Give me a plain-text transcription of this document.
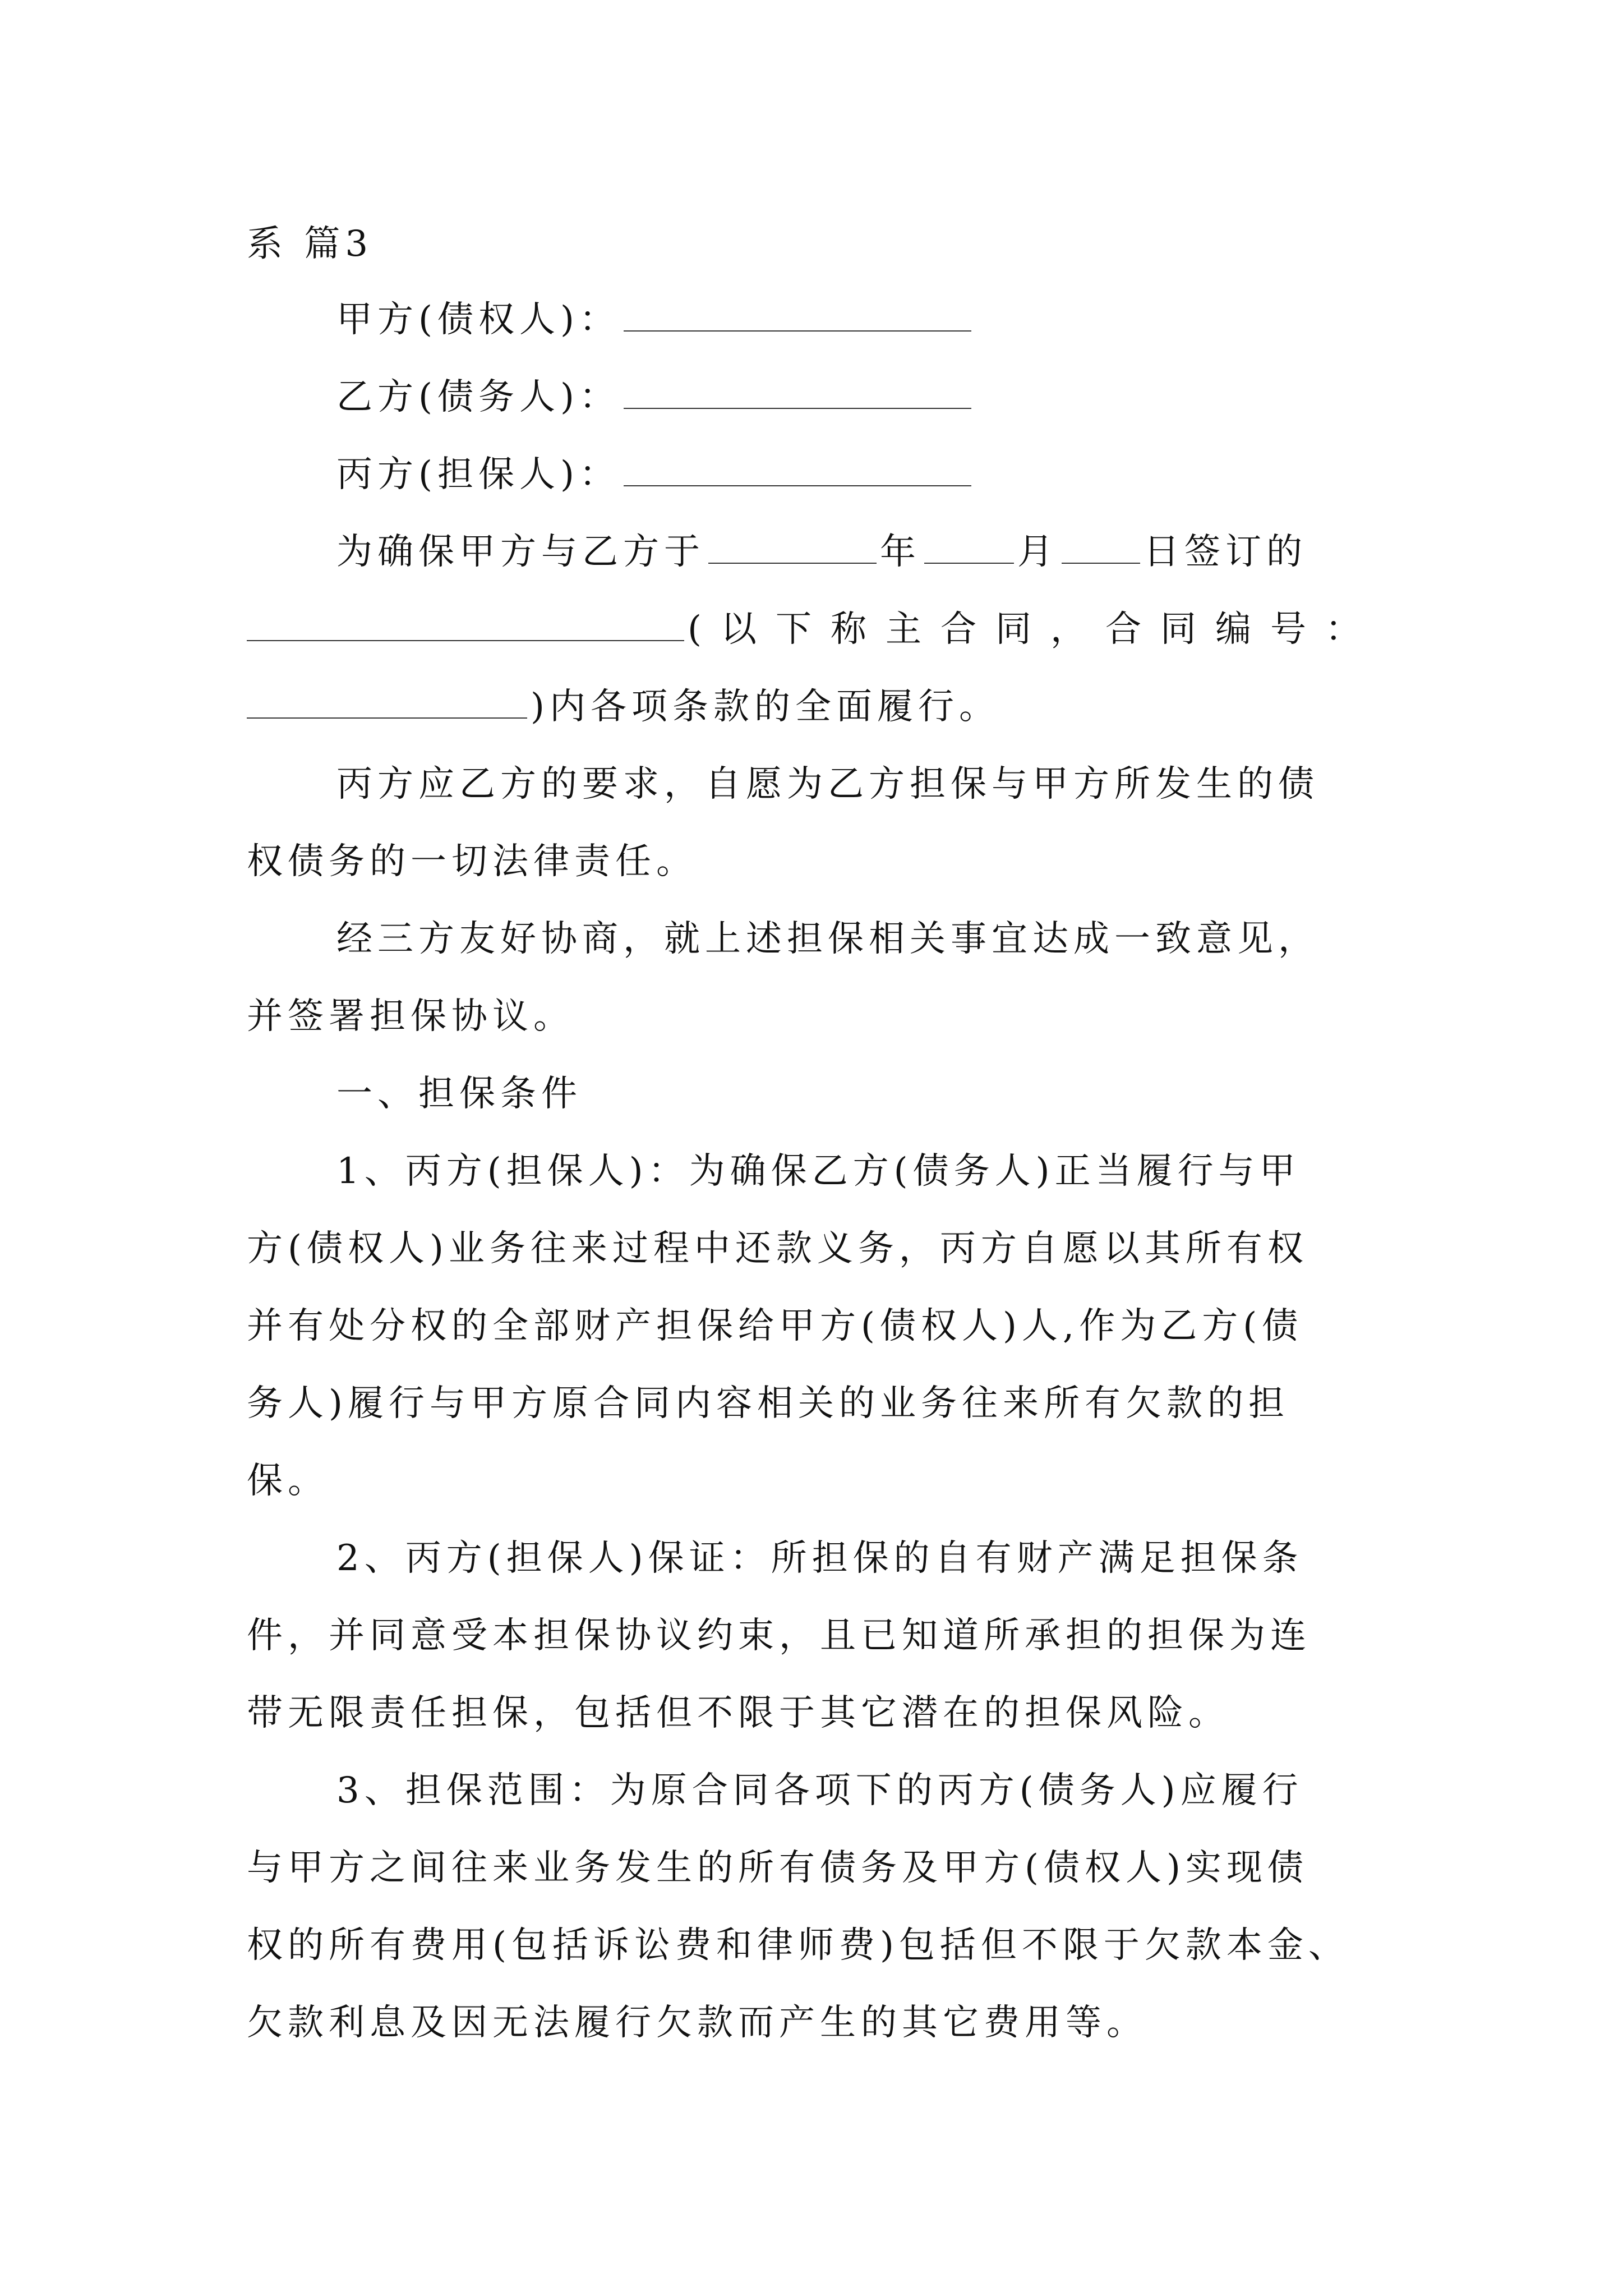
系 篇3
甲方(债权人)：
乙方(债务人)：
丙方(担保人)：
为确保甲方与乙方于	年	月 日签订的
(以下称主合同，合同编号：
)内各项条款的全面履行。
丙方应乙方的要求，自愿为乙方担保与甲方所发生的债
权债务的一切法律责任。
经三方友好协商，就上述担保相关事宜达成一致意见，
并签署担保协议。
一、担保条件
1、丙方(担保人)：为确保乙方(债务人)正当履行与甲
方(债权人)业务往来过程中还款义务，丙方自愿以其所有权
并有处分权的全部财产担保给甲方(债权人)人,作为乙方(债
务人)履行与甲方原合同内容相关的业务往来所有欠款的担
保。
2、丙方(担保人)保证：所担保的自有财产满足担保条
件，并同意受本担保协议约束，且已知道所承担的担保为连
带无限责任担保，包括但不限于其它潜在的担保风险。
3、担保范围：为原合同各项下的丙方(债务人)应履行
与甲方之间往来业务发生的所有债务及甲方(债权人)实现债
权的所有费用(包括诉讼费和律师费)包括但不限于欠款本金、
欠款利息及因无法履行欠款而产生的其它费用等。
